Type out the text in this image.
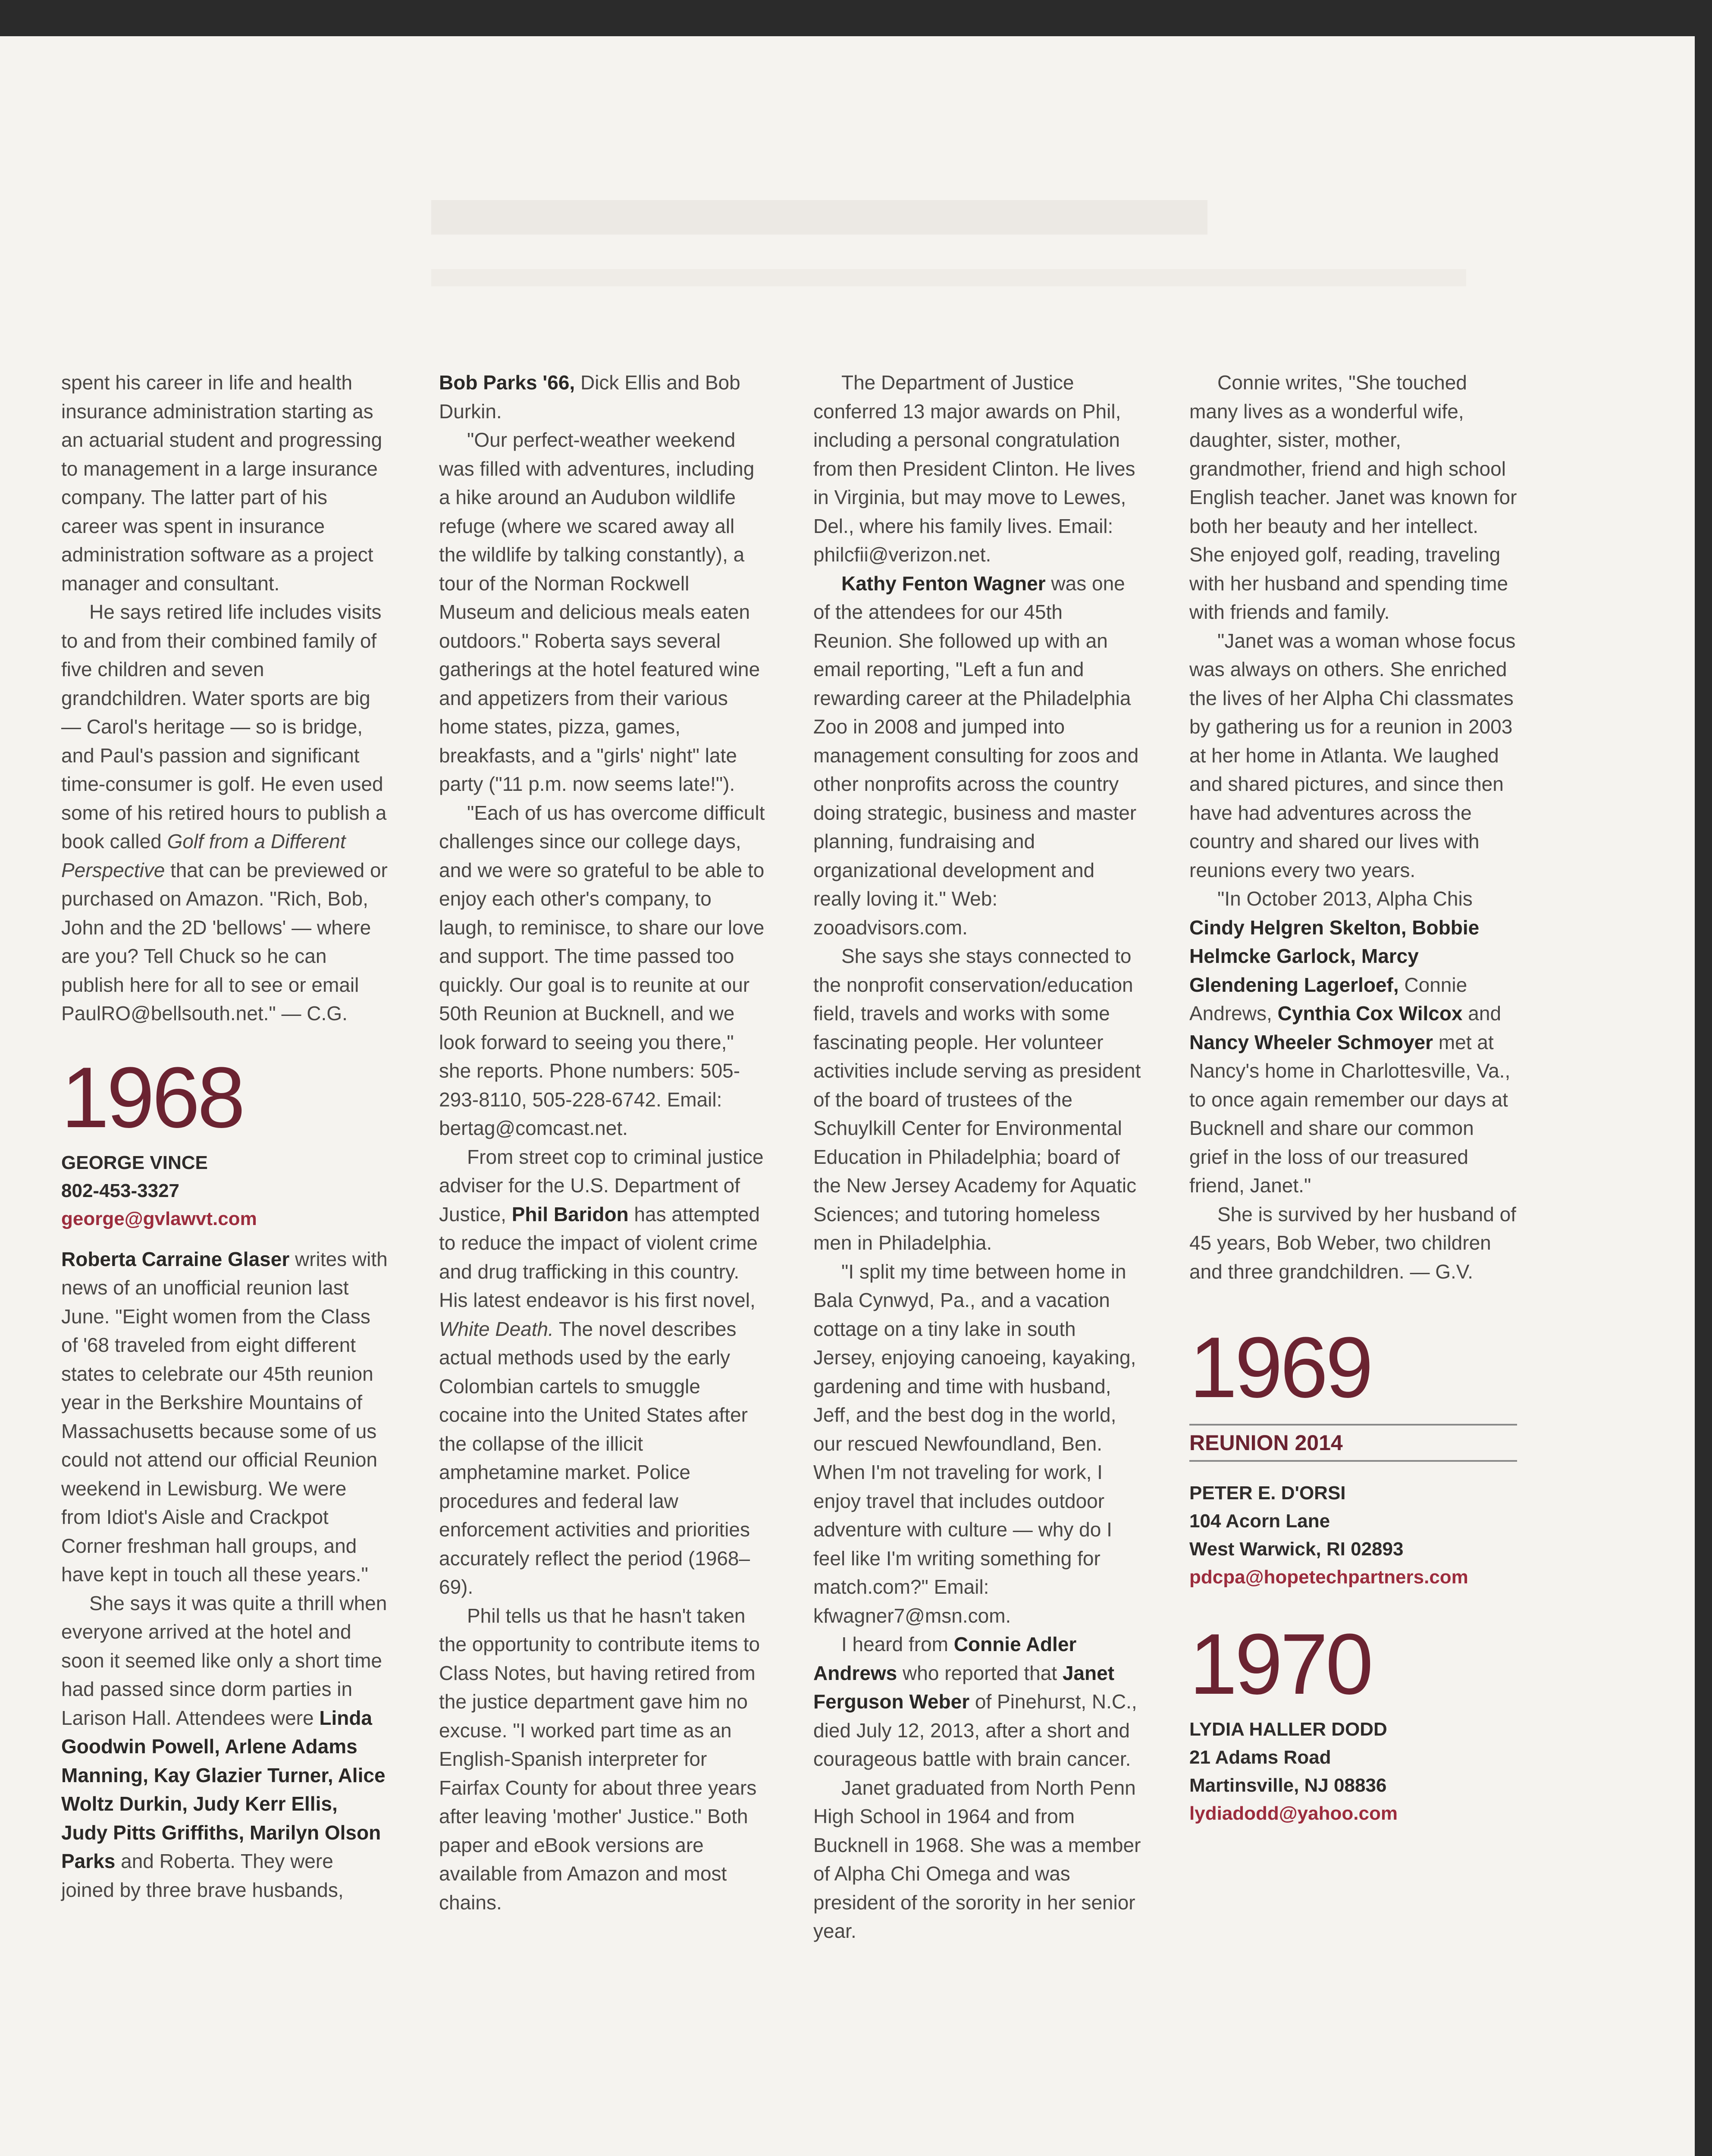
spent his career in life and health insurance administration starting as an actuarial student and progressing to management in a large insurance company. The latter part of his career was spent in insurance administration software as a project manager and consultant.

He says retired life includes visits to and from their combined family of five children and seven grandchildren. Water sports are big — Carol's heritage — so is bridge, and Paul's passion and significant time-consumer is golf. He even used some of his retired hours to publish a book called Golf from a Different Perspective that can be previewed or purchased on Amazon. "Rich, Bob, John and the 2D 'bellows' — where are you? Tell Chuck so he can publish here for all to see or email PaulRO@bellsouth.net." — C.G.

1968
GEORGE VINCE
802-453-3327
george@gvlawvt.com

Roberta Carraine Glaser writes with news of an unofficial reunion last June. "Eight women from the Class of '68 traveled from eight different states to celebrate our 45th reunion year in the Berkshire Mountains of Massachusetts because some of us could not attend our official Reunion weekend in Lewisburg. We were from Idiot's Aisle and Crackpot Corner freshman hall groups, and have kept in touch all these years."

She says it was quite a thrill when everyone arrived at the hotel and soon it seemed like only a short time had passed since dorm parties in Larison Hall. Attendees were Linda Goodwin Powell, Arlene Adams Manning, Kay Glazier Turner, Alice Woltz Durkin, Judy Kerr Ellis, Judy Pitts Griffiths, Marilyn Olson Parks and Roberta. They were joined by three brave husbands,

Bob Parks '66, Dick Ellis and Bob Durkin.

"Our perfect-weather weekend was filled with adventures, including a hike around an Audubon wildlife refuge (where we scared away all the wildlife by talking constantly), a tour of the Norman Rockwell Museum and delicious meals eaten outdoors." Roberta says several gatherings at the hotel featured wine and appetizers from their various home states, pizza, games, breakfasts, and a "girls' night" late party ("11 p.m. now seems late!").

"Each of us has overcome difficult challenges since our college days, and we were so grateful to be able to enjoy each other's company, to laugh, to reminisce, to share our love and support. The time passed too quickly. Our goal is to reunite at our 50th Reunion at Bucknell, and we look forward to seeing you there," she reports. Phone numbers: 505-293-8110, 505-228-6742. Email: bertag@comcast.net.

From street cop to criminal justice adviser for the U.S. Department of Justice, Phil Baridon has attempted to reduce the impact of violent crime and drug trafficking in this country. His latest endeavor is his first novel, White Death. The novel describes actual methods used by the early Colombian cartels to smuggle cocaine into the United States after the collapse of the illicit amphetamine market. Police procedures and federal law enforcement activities and priorities accurately reflect the period (1968–69).

Phil tells us that he hasn't taken the opportunity to contribute items to Class Notes, but having retired from the justice department gave him no excuse. "I worked part time as an English-Spanish interpreter for Fairfax County for about three years after leaving 'mother' Justice." Both paper and eBook versions are available from Amazon and most chains.

The Department of Justice conferred 13 major awards on Phil, including a personal congratulation from then President Clinton. He lives in Virginia, but may move to Lewes, Del., where his family lives. Email: philcfii@verizon.net.

Kathy Fenton Wagner was one of the attendees for our 45th Reunion. She followed up with an email reporting, "Left a fun and rewarding career at the Philadelphia Zoo in 2008 and jumped into management consulting for zoos and other nonprofits across the country doing strategic, business and master planning, fundraising and organizational development and really loving it." Web: zooadvisors.com.

She says she stays connected to the nonprofit conservation/education field, travels and works with some fascinating people. Her volunteer activities include serving as president of the board of trustees of the Schuylkill Center for Environmental Education in Philadelphia; board of the New Jersey Academy for Aquatic Sciences; and tutoring homeless men in Philadelphia.

"I split my time between home in Bala Cynwyd, Pa., and a vacation cottage on a tiny lake in south Jersey, enjoying canoeing, kayaking, gardening and time with husband, Jeff, and the best dog in the world, our rescued Newfoundland, Ben. When I'm not traveling for work, I enjoy travel that includes outdoor adventure with culture — why do I feel like I'm writing something for match.com?" Email: kfwagner7@msn.com.

I heard from Connie Adler Andrews who reported that Janet Ferguson Weber of Pinehurst, N.C., died July 12, 2013, after a short and courageous battle with brain cancer.

Janet graduated from North Penn High School in 1964 and from Bucknell in 1968. She was a member of Alpha Chi Omega and was president of the sorority in her senior year.

Connie writes, "She touched many lives as a wonderful wife, daughter, sister, mother, grandmother, friend and high school English teacher. Janet was known for both her beauty and her intellect. She enjoyed golf, reading, traveling with her husband and spending time with friends and family.

"Janet was a woman whose focus was always on others. She enriched the lives of her Alpha Chi classmates by gathering us for a reunion in 2003 at her home in Atlanta. We laughed and shared pictures, and since then have had adventures across the country and shared our lives with reunions every two years.

"In October 2013, Alpha Chis Cindy Helgren Skelton, Bobbie Helmcke Garlock, Marcy Glendening Lagerloef, Connie Andrews, Cynthia Cox Wilcox and Nancy Wheeler Schmoyer met at Nancy's home in Charlottesville, Va., to once again remember our days at Bucknell and share our common grief in the loss of our treasured friend, Janet."

She is survived by her husband of 45 years, Bob Weber, two children and three grandchildren. — G.V.

1969
REUNION 2014
PETER E. D'ORSI
104 Acorn Lane
West Warwick, RI 02893
pdcpa@hopetechpartners.com
1970
LYDIA HALLER DODD
21 Adams Road
Martinsville, NJ 08836
lydiadodd@yahoo.com
